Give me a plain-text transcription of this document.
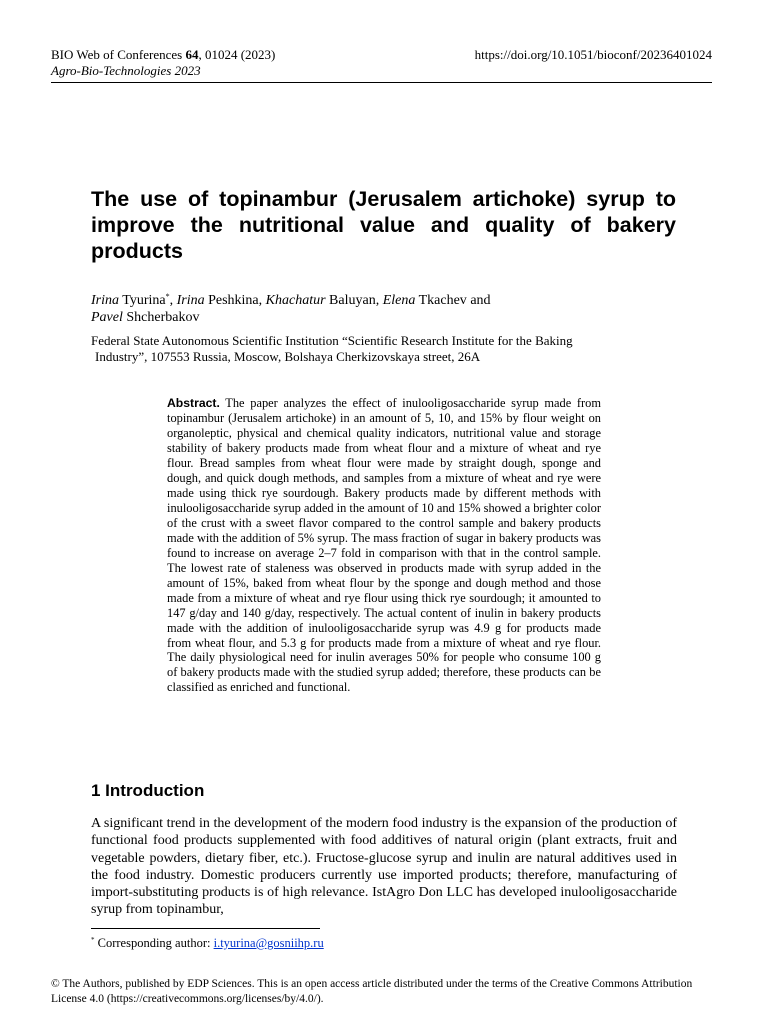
BIO Web of Conferences 64, 01024 (2023)	https://doi.org/10.1051/bioconf/20236401024
Agro-Bio-Technologies 2023
The use of topinambur (Jerusalem artichoke) syrup to improve the nutritional value and quality of bakery products
Irina Tyurina*, Irina Peshkina, Khachatur Baluyan, Elena Tkachev and
Pavel Shcherbakov
Federal State Autonomous Scientific Institution “Scientific Research Institute for the Baking
Industry”, 107553 Russia, Moscow, Bolshaya Cherkizovskaya street, 26A

Abstract. The paper analyzes the effect of inulooligosaccharide syrup made from topinambur (Jerusalem artichoke) in an amount of 5, 10, and 15% by flour weight on organoleptic, physical and chemical quality indicators, nutritional value and storage stability of bakery products made from wheat flour and a mixture of wheat and rye flour. Bread samples from wheat flour were made by straight dough, sponge and dough, and quick dough methods, and samples from a mixture of wheat and rye were made using thick rye sourdough. Bakery products made by different methods with inulooligosaccharide syrup added in the amount of 10 and 15% showed a brighter color of the crust with a sweet flavor compared to the control sample and bakery products made with the addition of 5% syrup. The mass fraction of sugar in bakery products was found to increase on average 2–7 fold in comparison with that in the control sample. The lowest rate of staleness was observed in products made with syrup added in the amount of 15%, baked from wheat flour by the sponge and dough method and those made from a mixture of wheat and rye flour using thick rye sourdough; it amounted to 147 g/day and 140 g/day, respectively. The actual content of inulin in bakery products made with the addition of inulooligosaccharide syrup was 4.9 g for products made from wheat flour, and 5.3 g for products made from a mixture of wheat and rye flour. The daily physiological need for inulin averages 50% for people who consume 100 g of bakery products made with the studied syrup added; therefore, these products can be classified as enriched and functional.

1 Introduction

A significant trend in the development of the modern food industry is the expansion of the production of functional food products supplemented with food additives of natural origin (plant extracts, fruit and vegetable powders, dietary fiber, etc.). Fructose-glucose syrup and inulin are natural additives used in the food industry. Domestic producers currently use imported products; therefore, manufacturing of import-substituting products is of high relevance. IstAgro Don LLC has developed inulooligosaccharide syrup from topinambur,

* Corresponding author: i.tyurina@gosniihp.ru

© The Authors, published by EDP Sciences. This is an open access article distributed under the terms of the Creative Commons Attribution License 4.0 (https://creativecommons.org/licenses/by/4.0/).
